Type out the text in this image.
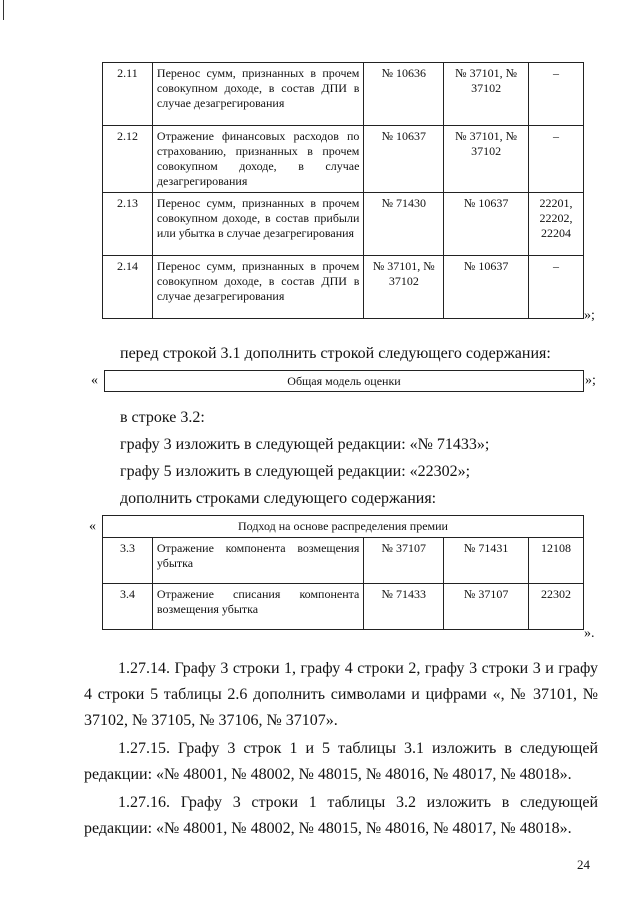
2.11	Перенос сумм, признанных в прочем совокупном доходе, в состав ДПИ в случае дезагрегирования	№ 10636	№ 37101, № 37102	–
2.12	Отражение финансовых расходов по страхованию, признанных в прочем совокупном доходе, в случае дезагрегирования	№ 10637	№ 37101, № 37102	–
2.13	Перенос сумм, признанных в прочем совокупном доходе, в состав прибыли или убытка в случае дезагрегирования	№ 71430	№ 10637	22201, 22202, 22204
2.14	Перенос сумм, признанных в прочем совокупном доходе, в состав ДПИ в случае дезагрегирования	№ 37101, № 37102	№ 10637	–
»;
перед строкой 3.1 дополнить строкой следующего содержания:
«	Общая модель оценки	»;
в строке 3.2:
графу 3 изложить в следующей редакции: «№ 71433»;
графу 5 изложить в следующей редакции: «22302»;
дополнить строками следующего содержания:
«	Подход на основе распределения премии				
3.3	Отражение компонента возмещения убытка	№ 37107	№ 71431	12108
3.4	Отражение списания компонента возмещения убытка	№ 71433	№ 37107	22302
».
1.27.14. Графу 3 строки 1, графу 4 строки 2, графу 3 строки 3 и графу 4 строки 5 таблицы 2.6 дополнить символами и цифрами «, № 37101, № 37102, № 37105, № 37106, № 37107».
1.27.15. Графу 3 строк 1 и 5 таблицы 3.1 изложить в следующей редакции: «№ 48001, № 48002, № 48015, № 48016, № 48017, № 48018».
1.27.16. Графу 3 строки 1 таблицы 3.2 изложить в следующей редакции: «№ 48001, № 48002, № 48015, № 48016, № 48017, № 48018».
24
